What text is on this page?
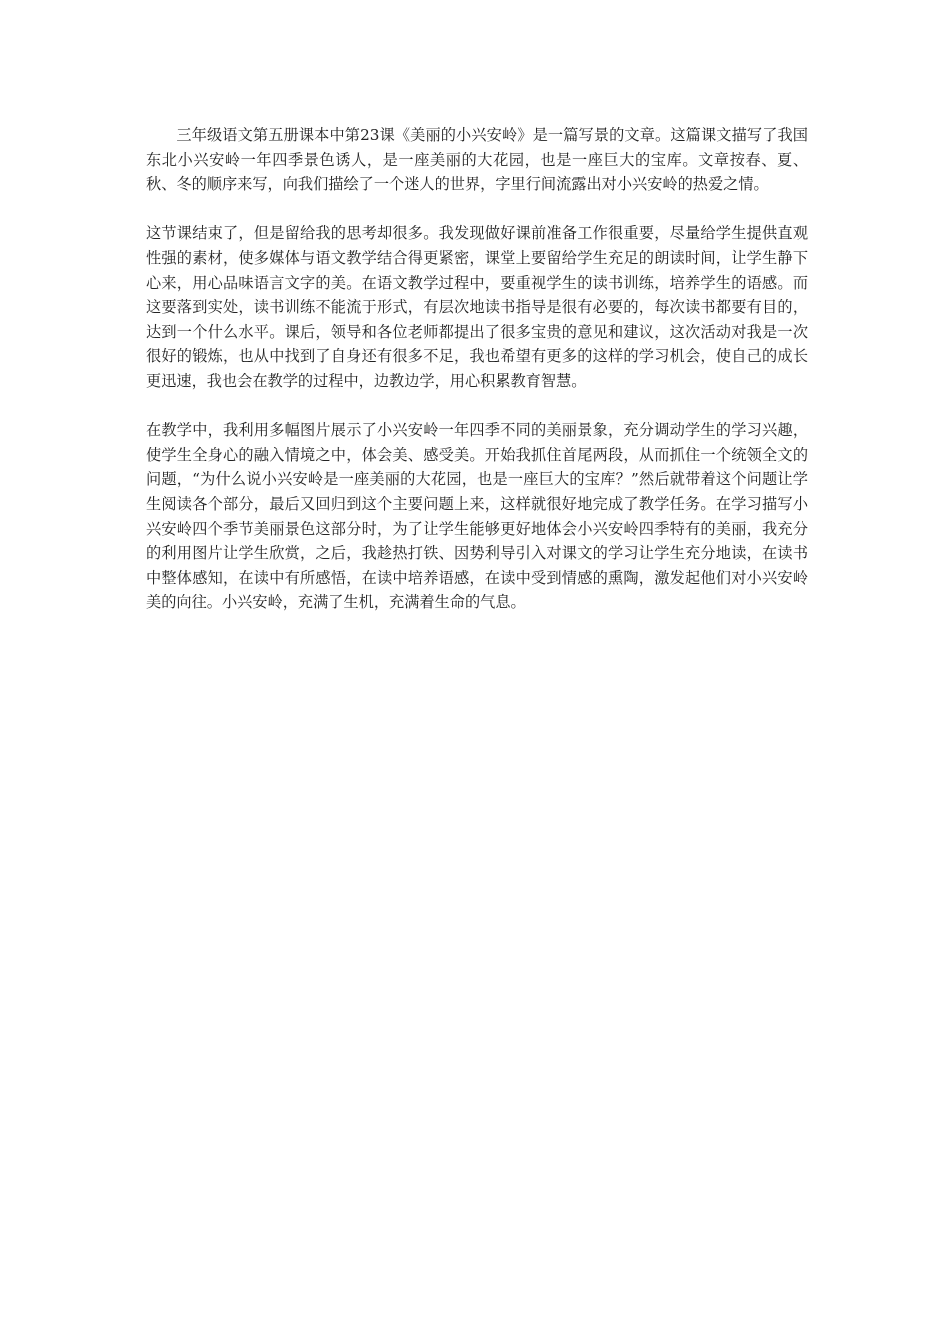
三年级语文第五册课本中第23课《美丽的小兴安岭》是一篇写景的文章。这篇课文描写了我国东北小兴安岭一年四季景色诱人，是一座美丽的大花园，也是一座巨大的宝库。文章按春、夏、秋、冬的顺序来写，向我们描绘了一个迷人的世界，字里行间流露出对小兴安岭的热爱之情。

这节课结束了，但是留给我的思考却很多。我发现做好课前准备工作很重要，尽量给学生提供直观性强的素材，使多媒体与语文教学结合得更紧密，课堂上要留给学生充足的朗读时间，让学生静下心来，用心品味语言文字的美。在语文教学过程中，要重视学生的读书训练，培养学生的语感。而这要落到实处，读书训练不能流于形式，有层次地读书指导是很有必要的，每次读书都要有目的，达到一个什么水平。课后，领导和各位老师都提出了很多宝贵的意见和建议，这次活动对我是一次很好的锻炼，也从中找到了自身还有很多不足，我也希望有更多的这样的学习机会，使自己的成长更迅速，我也会在教学的过程中，边教边学，用心积累教育智慧。

在教学中，我利用多幅图片展示了小兴安岭一年四季不同的美丽景象，充分调动学生的学习兴趣，使学生全身心的融入情境之中，体会美、感受美。开始我抓住首尾两段，从而抓住一个统领全文的问题，“为什么说小兴安岭是一座美丽的大花园，也是一座巨大的宝库？”然后就带着这个问题让学生阅读各个部分，最后又回归到这个主要问题上来，这样就很好地完成了教学任务。在学习描写小兴安岭四个季节美丽景色这部分时，为了让学生能够更好地体会小兴安岭四季特有的美丽，我充分的利用图片让学生欣赏，之后，我趁热打铁、因势利导引入对课文的学习让学生充分地读，在读书中整体感知，在读中有所感悟，在读中培养语感，在读中受到情感的熏陶，激发起他们对小兴安岭美的向往。小兴安岭，充满了生机，充满着生命的气息。
